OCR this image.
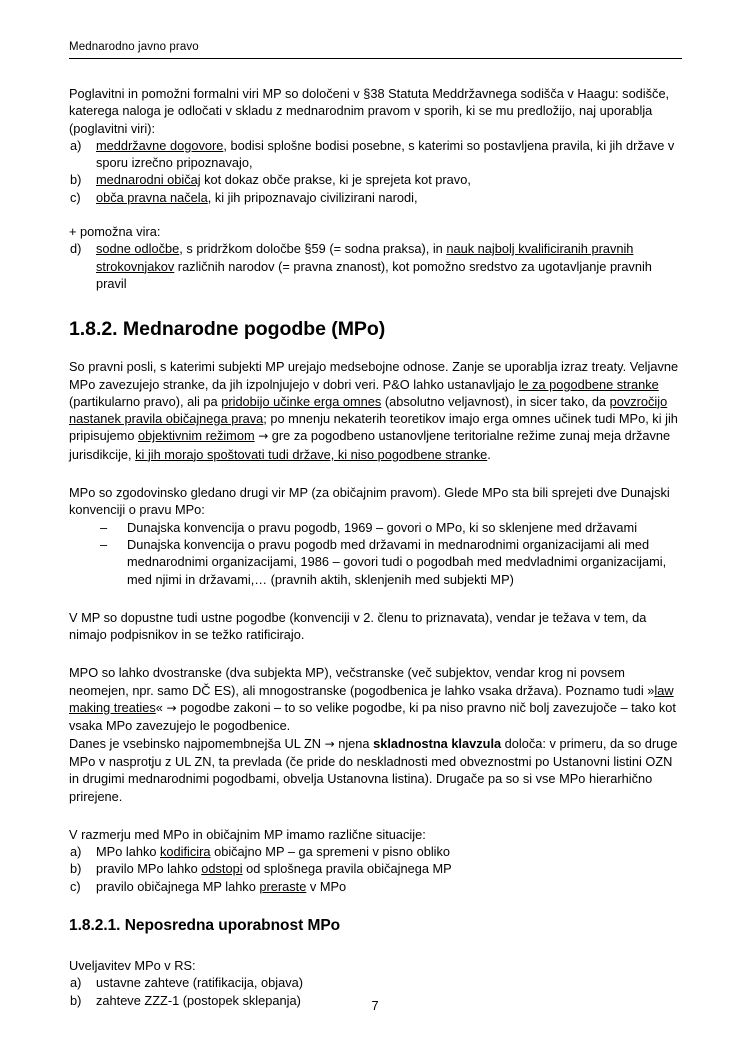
Mednarodno javno pravo

Poglavitni in pomožni formalni viri MP so določeni v §38 Statuta Meddržavnega sodišča v Haagu: sodišče, katerega naloga je odločati v skladu z mednarodnim pravom v sporih, ki se mu predložijo, naj uporablja (poglavitni viri):

a) meddržavne dogovore, bodisi splošne bodisi posebne, s katerimi so postavljena pravila, ki jih države v sporu izrečno pripoznavajo,
b) mednarodni običaj kot dokaz obče prakse, ki je sprejeta kot pravo,
c) obča pravna načela, ki jih pripoznavajo civilizirani narodi,

+ pomožna vira:

d) sodne odločbe, s pridržkom določbe §59 (= sodna praksa), in nauk najbolj kvalificiranih pravnih strokovnjakov različnih narodov (= pravna znanost), kot pomožno sredstvo za ugotavljanje pravnih pravil
1.8.2. Mednarodne pogodbe (MPo)

So pravni posli, s katerimi subjekti MP urejajo medsebojne odnose. Zanje se uporablja izraz treaty. Veljavne MPo zavezujejo stranke, da jih izpolnjujejo v dobri veri. P&O lahko ustanavljajo le za pogodbene stranke (partikularno pravo), ali pa pridobijo učinke erga omnes (absolutno veljavnost), in sicer tako, da povzročijo nastanek pravila običajnega prava; po mnenju nekaterih teoretikov imajo erga omnes učinek tudi MPo, ki jih pripisujemo objektivnim režimom → gre za pogodbeno ustanovljene teritorialne režime zunaj meja državne jurisdikcije, ki jih morajo spoštovati tudi države, ki niso pogodbene stranke.

MPo so zgodovinsko gledano drugi vir MP (za običajnim pravom). Glede MPo sta bili sprejeti dve Dunajski konvenciji o pravu MPo:

– Dunajska konvencija o pravu pogodb, 1969 – govori o MPo, ki so sklenjene med državami
– Dunajska konvencija o pravu pogodb med državami in mednarodnimi organizacijami ali med mednarodnimi organizacijami, 1986 – govori tudi o pogodbah med medvladnimi organizacijami, med njimi in državami,… (pravnih aktih, sklenjenih med subjekti MP)

V MP so dopustne tudi ustne pogodbe (konvenciji v 2. členu to priznavata), vendar je težava v tem, da nimajo podpisnikov in se težko ratificirajo.

MPO so lahko dvostranske (dva subjekta MP), večstranske (več subjektov, vendar krog ni povsem neomejen, npr. samo DČ ES), ali mnogostranske (pogodbenica je lahko vsaka država). Poznamo tudi »law making treaties« → pogodbe zakoni – to so velike pogodbe, ki pa niso pravno nič bolj zavezujoče – tako kot vsaka MPo zavezujejo le pogodbenice.

Danes je vsebinsko najpomembnejša UL ZN → njena skladnostna klavzula določa: v primeru, da so druge MPo v nasprotju z UL ZN, ta prevlada (če pride do neskladnosti med obveznostmi po Ustanovni listini OZN in drugimi mednarodnimi pogodbami, obvelja Ustanovna listina). Drugače pa so si vse MPo hierarhično prirejene.

V razmerju med MPo in običajnim MP imamo različne situacije:

a) MPo lahko kodificira običajno MP – ga spremeni v pisno obliko
b) pravilo MPo lahko odstopi od splošnega pravila običajnega MP
c) pravilo običajnega MP lahko preraste v MPo
1.8.2.1. Neposredna uporabnost MPo

Uveljavitev MPo v RS:

a) ustavne zahteve (ratifikacija, objava)
b) zahteve ZZZ-1 (postopek sklepanja)	7
